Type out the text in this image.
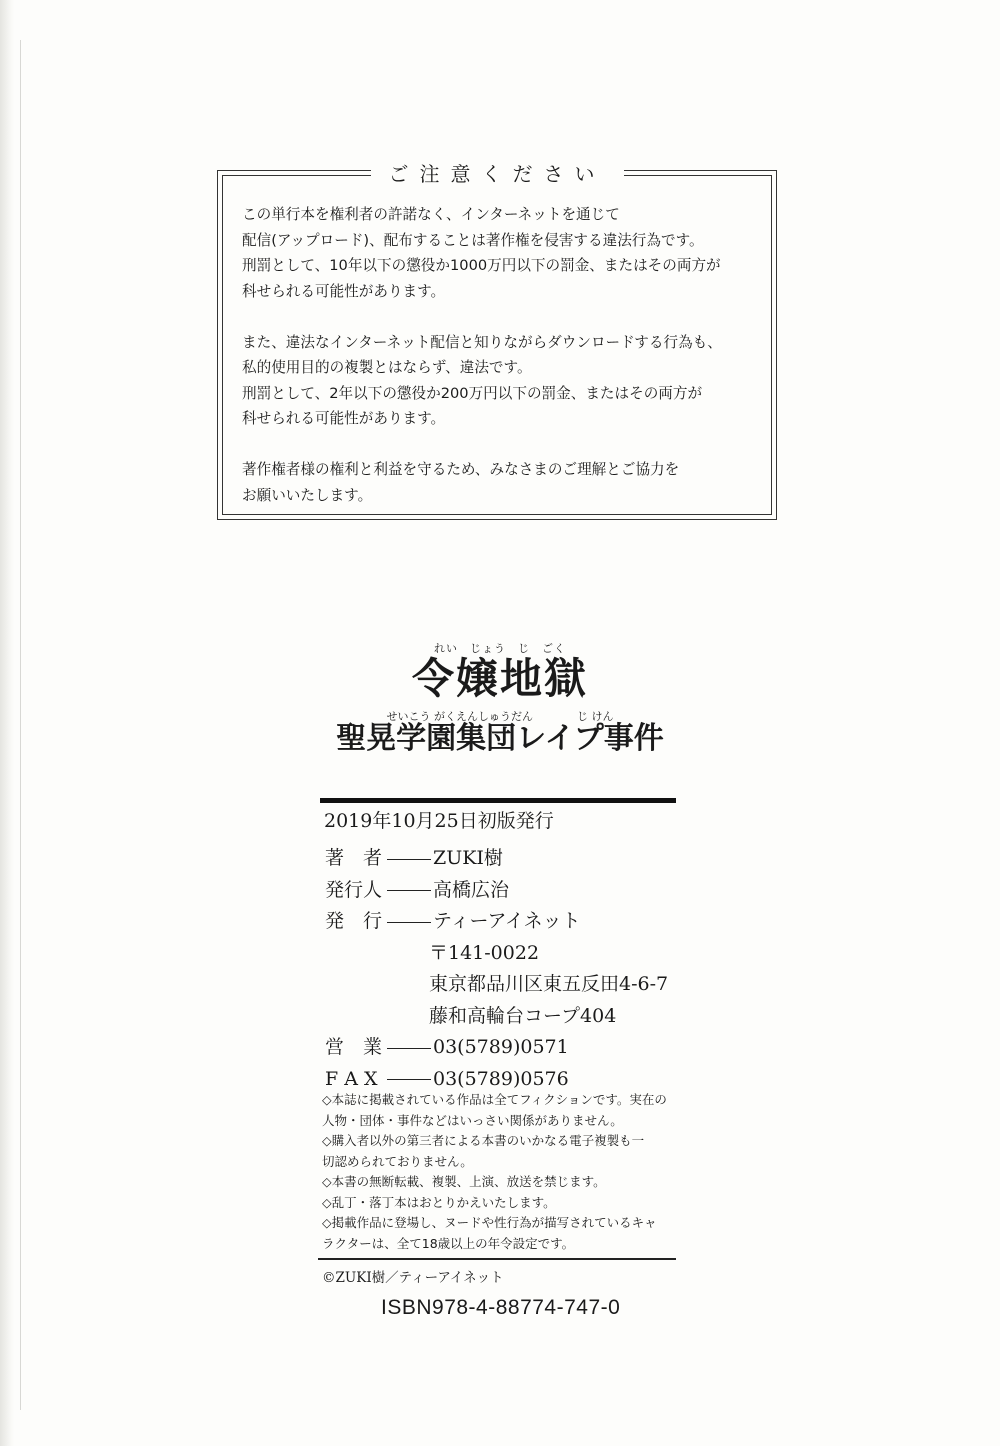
ご注意ください
この単行本を権利者の許諾なく、インターネットを通じて
配信(アップロード)、配布することは著作権を侵害する違法行為です。
刑罰として、10年以下の懲役か1000万円以下の罰金、またはその両方が
科せられる可能性があります。
また、違法なインターネット配信と知りながらダウンロードする行為も、
私的使用目的の複製とはならず、違法です。
刑罰として、2年以下の懲役か200万円以下の罰金、またはその両方が
科せられる可能性があります。
著作権者様の権利と利益を守るため、みなさまのご理解とご協力を
お願いいたします。
れい　じょう　じ　ごく
令嬢地獄
せいこう がくえんしゅうだん　　　　じ けん
聖晃学園集団レイプ事件
2019年10月25日初版発行
著　者	ZUKI樹
発行人	高橋広治
発　行	ティーアイネット
〒141-0022
東京都品川区東五反田4-6-7
藤和高輪台コープ404
営　業	03(5789)0571
F A X	03(5789)0576
◇本誌に掲載されている作品は全てフィクションです。実在の
人物・団体・事件などはいっさい関係がありません。
◇購入者以外の第三者による本書のいかなる電子複製も一
切認められておりません。
◇本書の無断転載、複製、上演、放送を禁じます。
◇乱丁・落丁本はおとりかえいたします。
◇掲載作品に登場し、ヌードや性行為が描写されているキャ
ラクターは、全て18歳以上の年令設定です。
©ZUKI樹／ティーアイネット
ISBN978-4-88774-747-0
